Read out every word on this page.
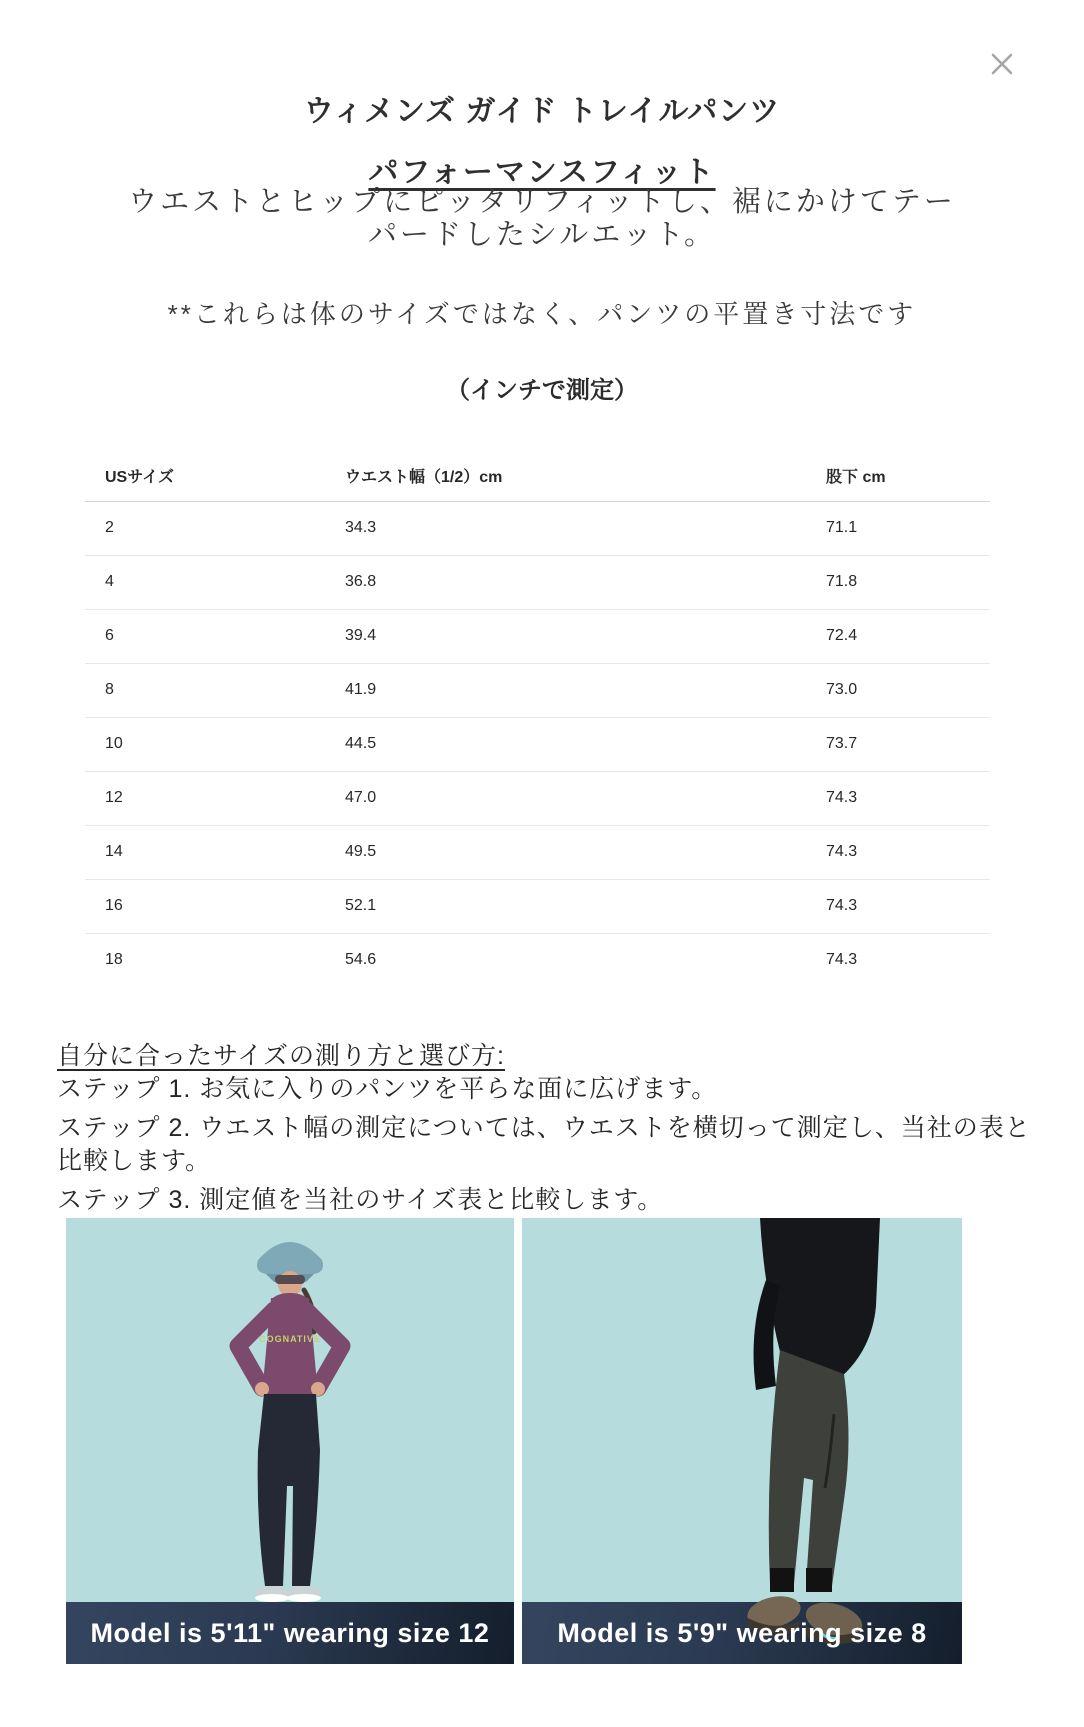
ウィメンズ ガイド トレイルパンツ
パフォーマンスフィット
ウエストとヒップにピッタリフィットし、裾にかけてテーパードしたシルエット。
**これらは体のサイズではなく、パンツの平置き寸法です
（インチで測定）
USサイズ	ウエスト幅（1/2）cm	股下 cm
2	34.3	71.1
4	36.8	71.8
6	39.4	72.4
8	41.9	73.0
10	44.5	73.7
12	47.0	74.3
14	49.5	74.3
16	52.1	74.3
18	54.6	74.3
自分に合ったサイズの測り方と選び方:

ステップ 1. お気に入りのパンツを平らな面に広げます。

ステップ 2. ウエスト幅の測定については、ウエストを横切って測定し、当社の表と比較します。

ステップ 3. 測定値を当社のサイズ表と比較します。

COGNATIVE
Model is 5'11" wearing size 12	Model is 5'9" wearing size 8
